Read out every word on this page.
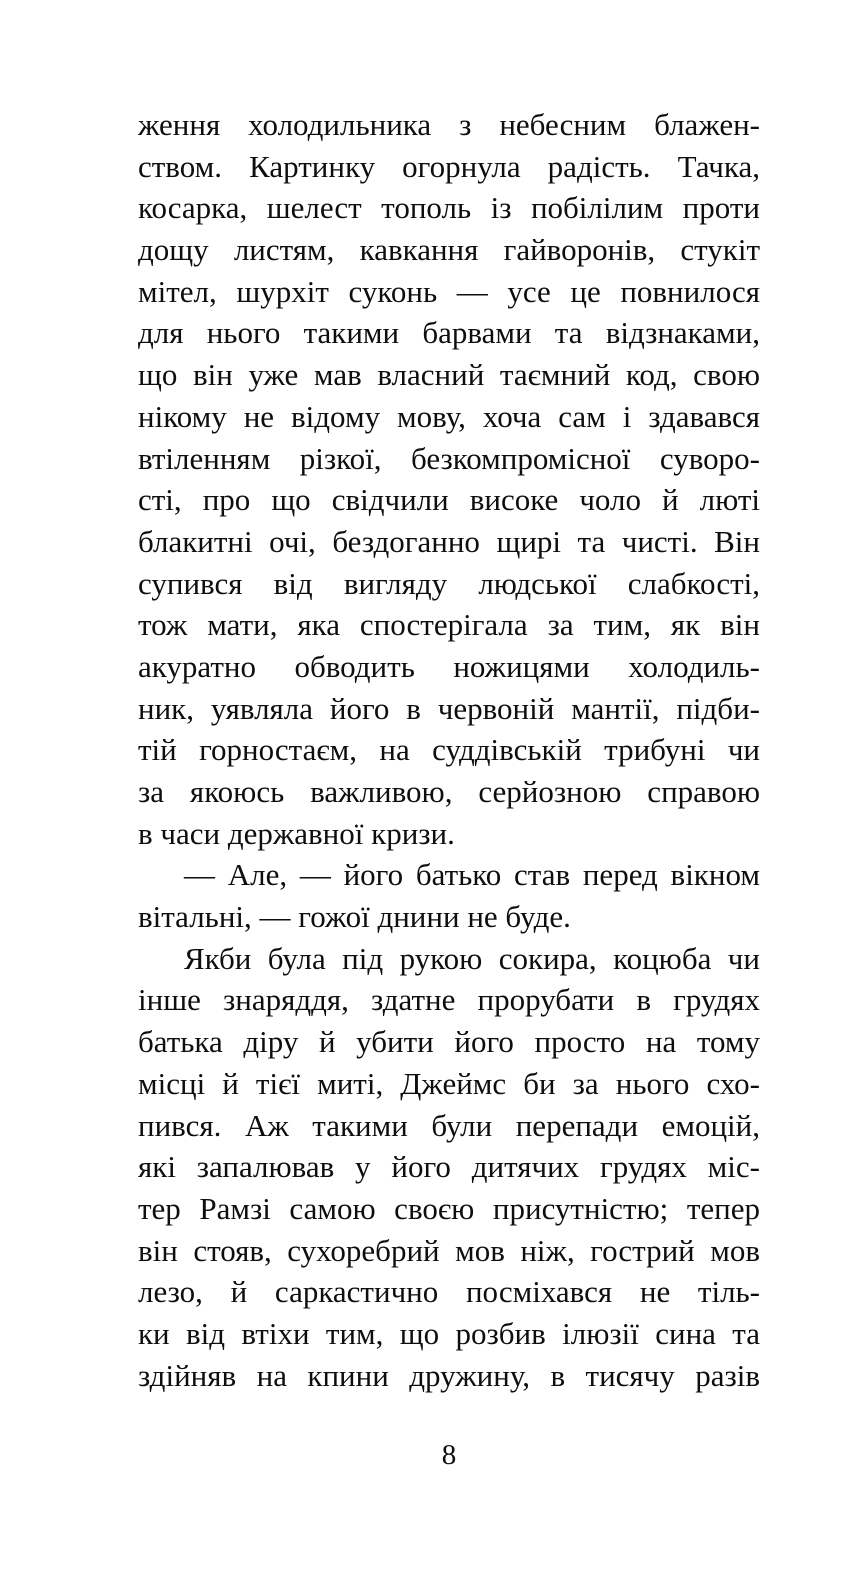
ження холодильника з небесним блажен-
ством. Картинку огорнула радість. Тачка,
косарка, шелест тополь із побілілим проти
дощу листям, кавкання гайворонів, стукіт
мітел, шурхіт суконь — усе це повнилося
для нього такими барвами та відзнаками,
що він уже мав власний таємний код, свою
нікому не відому мову, хоча сам і здавався
втіленням різкої, безкомпромісної суворо-
сті, про що свідчили високе чоло й люті
блакитні очі, бездоганно щирі та чисті. Він
супився від вигляду людської слабкості,
тож мати, яка спостерігала за тим, як він
акуратно обводить ножицями холодиль-
ник, уявляла його в червоній мантії, підби-
тій горностаєм, на суддівській трибуні чи
за якоюсь важливою, серйозною справою
в часи державної кризи.
— Але, — його батько став перед вікном
вітальні, — гожої днини не буде.
Якби була під рукою сокира, коцюба чи
інше знаряддя, здатне прорубати в грудях
батька діру й убити його просто на тому
місці й тієї миті, Джеймс би за нього схо-
пився. Аж такими були перепади емоцій,
які запалював у його дитячих грудях міс-
тер Рамзі самою своєю присутністю; тепер
він стояв, сухоребрий мов ніж, гострий мов
лезо, й саркастично посміхався не тіль-
ки від втіхи тим, що розбив ілюзії сина та
здійняв на кпини дружину, в тисячу разів
8
